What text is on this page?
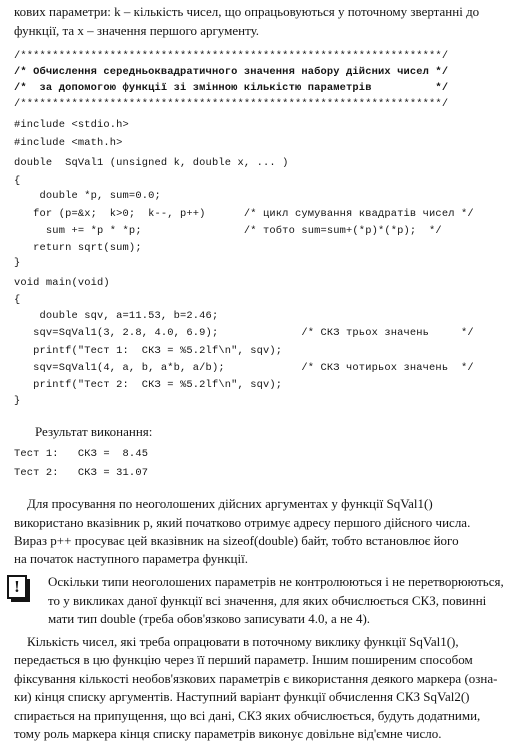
кових параметри: k – кількість чисел, що опрацьовуються у поточному звертанні до
функції, та x – значення першого аргументу.
/******************************************************************/
/* Обчислення середньоквадратичного значення набору дійсних чисел */
/*  за допомогою функції зі змінною кількістю параметрів          */
/******************************************************************/
#include <stdio.h>
#include <math.h>
double  SqVal1 (unsigned k, double x, ... )
{
double *p, sum=0.0;
for (p=&x;  k>0;  k--, p++)      /* цикл сумування квадратів чисел */
sum += *p * *p;                /* тобто sum=sum+(*p)*(*p);  */
return sqrt(sum);
}
void main(void)
{
double sqv, a=11.53, b=2.46;
sqv=SqVal1(3, 2.8, 4.0, 6.9);             /* СКЗ трьох значень     */
printf("Тест 1:  СКЗ = %5.2lf\n", sqv);
sqv=SqVal1(4, a, b, a*b, a/b);            /* СКЗ чотирьох значень  */
printf("Тест 2:  СКЗ = %5.2lf\n", sqv);
}
Результат виконання:
Тест 1:   СКЗ =  8.45
Тест 2:   СКЗ = 31.07
Для просування по неоголошених дійсних аргументах у функції SqVal1()
використано вказівник p, який початково отримує адресу першого дійсного числа.
Вираз p++ просуває цей вказівник на sizeof(double) байт, тобто встановлює його
на початок наступного параметра функції.
!	Оскільки типи неоголошених параметрів не контролюються і не перетворюються,
то у викликах даної функції всі значення, для яких обчислюється СКЗ, повинні
мати тип double (треба обов'язково записувати 4.0, а не 4).
Кількість чисел, які треба опрацювати в поточному виклику функції SqVal1(),
передається в цю функцію через її перший параметр. Іншим поширеним способом
фіксування кількості необов'язкових параметрів є використання деякого маркера (озна-
ки) кінця списку аргументів. Наступний варіант функції обчислення СКЗ SqVal2()
спирається на припущення, що всі дані, СКЗ яких обчислюється, будуть додатними,
тому роль маркера кінця списку параметрів виконує довільне від'ємне число.
